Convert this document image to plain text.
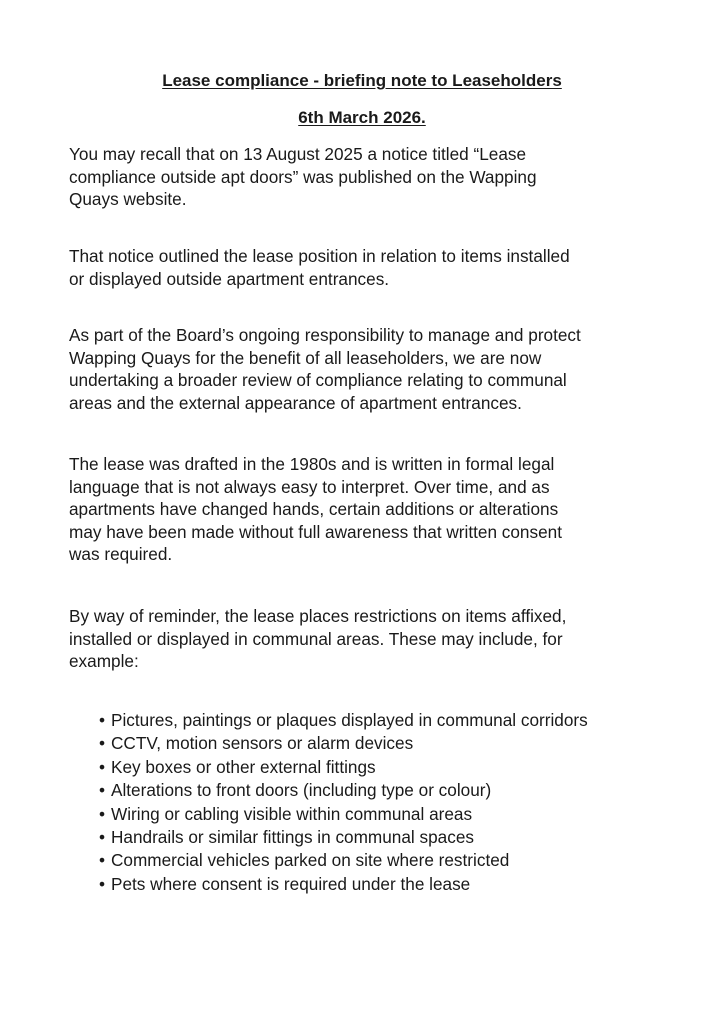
Lease compliance - briefing note to Leaseholders
6th March 2026.

You may recall that on 13 August 2025 a notice titled “Lease
compliance outside apt doors” was published on the Wapping
Quays website.

That notice outlined the lease position in relation to items installed
or displayed outside apartment entrances.

As part of the Board’s ongoing responsibility to manage and protect
Wapping Quays for the benefit of all leaseholders, we are now
undertaking a broader review of compliance relating to communal
areas and the external appearance of apartment entrances.

The lease was drafted in the 1980s and is written in formal legal
language that is not always easy to interpret. Over time, and as
apartments have changed hands, certain additions or alterations
may have been made without full awareness that written consent
was required.

By way of reminder, the lease places restrictions on items affixed,
installed or displayed in communal areas. These may include, for
example:

• Pictures, paintings or plaques displayed in communal corridors
• CCTV, motion sensors or alarm devices
• Key boxes or other external fittings
• Alterations to front doors (including type or colour)
• Wiring or cabling visible within communal areas
• Handrails or similar fittings in communal spaces
• Commercial vehicles parked on site where restricted
• Pets where consent is required under the lease
